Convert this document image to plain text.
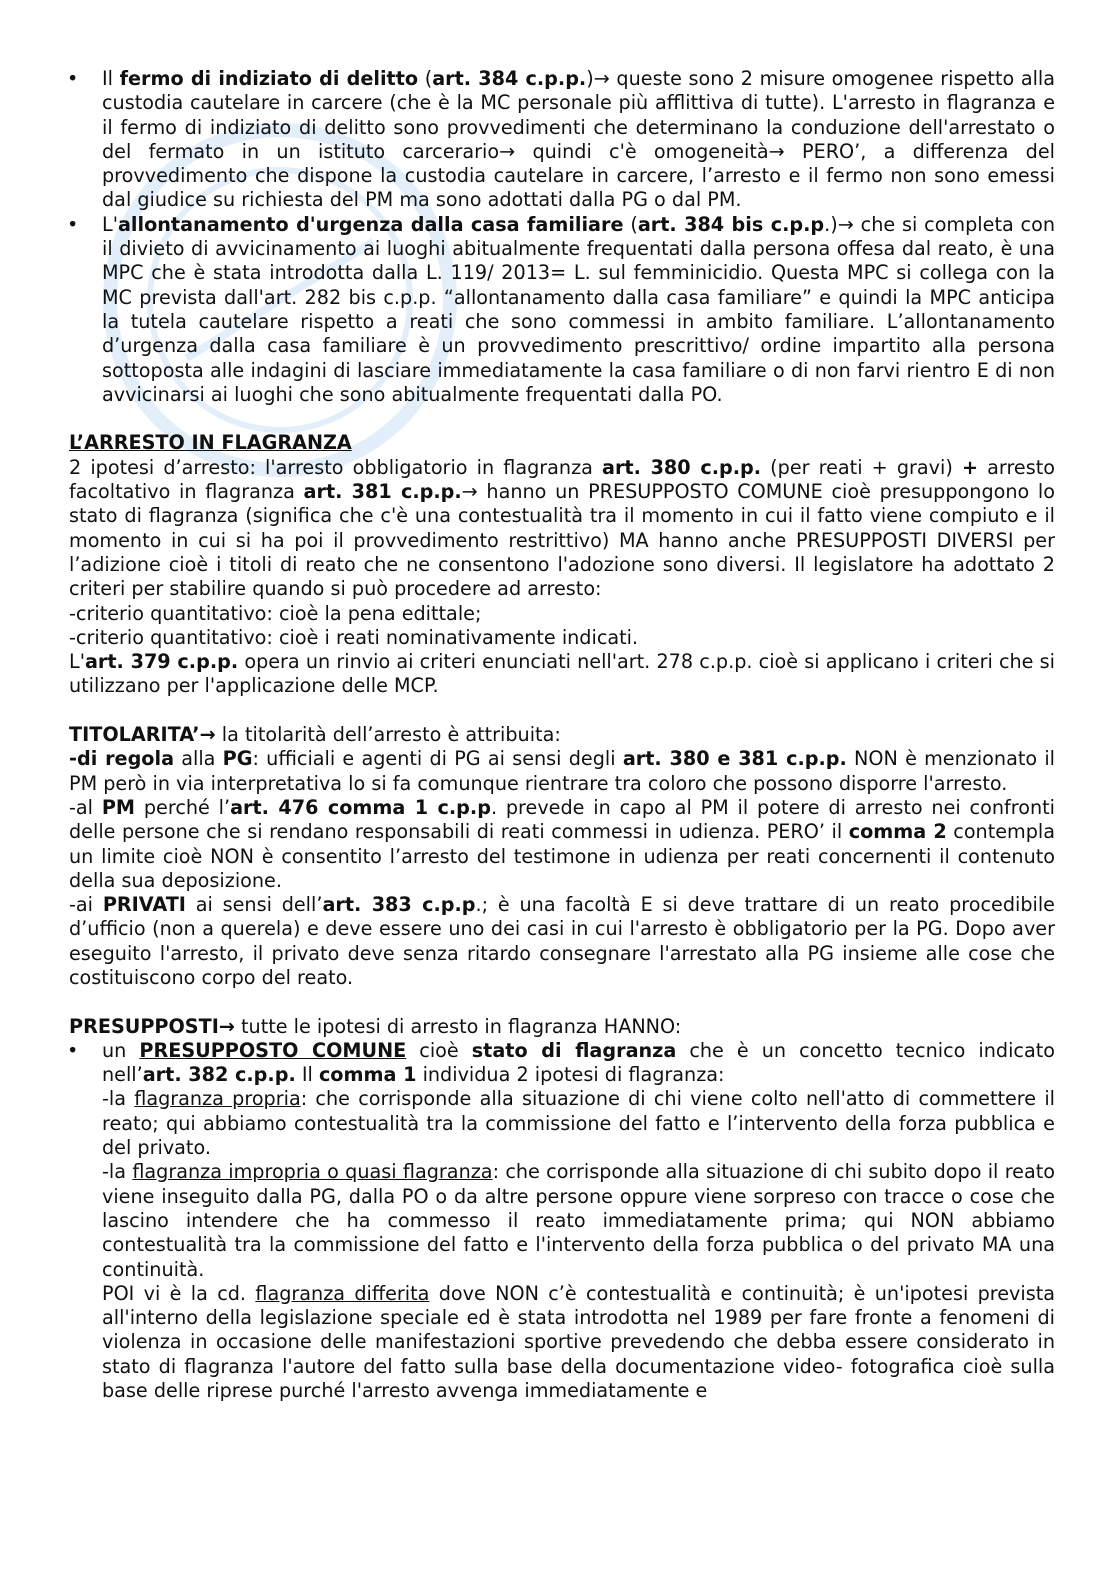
• Il fermo di indiziato di delitto (art. 384 c.p.p.)→ queste sono 2 misure omogenee rispetto alla custodia cautelare in carcere (che è la MC personale più afflittiva di tutte). L'arresto in flagranza e il fermo di indiziato di delitto sono provvedimenti che determinano la conduzione dell'arrestato o del fermato in un istituto carcerario→ quindi c'è omogeneità→ PERO’, a differenza del provvedimento che dispone la custodia cautelare in carcere, l’arresto e il fermo non sono emessi dal giudice su richiesta del PM ma sono adottati dalla PG o dal PM.
• L'allontanamento d'urgenza dalla casa familiare (art. 384 bis c.p.p.)→ che si completa con il divieto di avvicinamento ai luoghi abitualmente frequentati dalla persona offesa dal reato, è una MPC che è stata introdotta dalla L. 119/ 2013= L. sul femminicidio. Questa MPC si collega con la MC prevista dall'art. 282 bis c.p.p. “allontanamento dalla casa familiare” e quindi la MPC anticipa la tutela cautelare rispetto a reati che sono commessi in ambito familiare. L’allontanamento d’urgenza dalla casa familiare è un provvedimento prescrittivo/ ordine impartito alla persona sottoposta alle indagini di lasciare immediatamente la casa familiare o di non farvi rientro E di non avvicinarsi ai luoghi che sono abitualmente frequentati dalla PO.
L’ARRESTO IN FLAGRANZA
2 ipotesi d’arresto: l'arresto obbligatorio in flagranza art. 380 c.p.p. (per reati + gravi) + arresto facoltativo in flagranza art. 381 c.p.p.→ hanno un PRESUPPOSTO COMUNE cioè presuppongono lo stato di flagranza (significa che c'è una contestualità tra il momento in cui il fatto viene compiuto e il momento in cui si ha poi il provvedimento restrittivo) MA hanno anche PRESUPPOSTI DIVERSI per l’adizione cioè i titoli di reato che ne consentono l'adozione sono diversi. Il legislatore ha adottato 2 criteri per stabilire quando si può procedere ad arresto:
-criterio quantitativo: cioè la pena edittale;
-criterio quantitativo: cioè i reati nominativamente indicati.
L'art. 379 c.p.p. opera un rinvio ai criteri enunciati nell'art. 278 c.p.p. cioè si applicano i criteri che si utilizzano per l'applicazione delle MCP.
TITOLARITA’→ la titolarità dell’arresto è attribuita:
-di regola alla PG: ufficiali e agenti di PG ai sensi degli art. 380 e 381 c.p.p. NON è menzionato il PM però in via interpretativa lo si fa comunque rientrare tra coloro che possono disporre l'arresto.
-al PM perché l’art. 476 comma 1 c.p.p. prevede in capo al PM il potere di arresto nei confronti delle persone che si rendano responsabili di reati commessi in udienza. PERO’ il comma 2 contempla un limite cioè NON è consentito l’arresto del testimone in udienza per reati concernenti il contenuto della sua deposizione.
-ai PRIVATI ai sensi dell’art. 383 c.p.p.; è una facoltà E si deve trattare di un reato procedibile d’ufficio (non a querela) e deve essere uno dei casi in cui l'arresto è obbligatorio per la PG. Dopo aver eseguito l'arresto, il privato deve senza ritardo consegnare l'arrestato alla PG insieme alle cose che costituiscono corpo del reato.
PRESUPPOSTI→ tutte le ipotesi di arresto in flagranza HANNO:
• un PRESUPPOSTO COMUNE cioè stato di flagranza che è un concetto tecnico indicato nell’art. 382 c.p.p. Il comma 1 individua 2 ipotesi di flagranza:
-la flagranza propria: che corrisponde alla situazione di chi viene colto nell'atto di commettere il reato; qui abbiamo contestualità tra la commissione del fatto e l’intervento della forza pubblica e del privato.
-la flagranza impropria o quasi flagranza: che corrisponde alla situazione di chi subito dopo il reato viene inseguito dalla PG, dalla PO o da altre persone oppure viene sorpreso con tracce o cose che lascino intendere che ha commesso il reato immediatamente prima; qui NON abbiamo contestualità tra la commissione del fatto e l'intervento della forza pubblica o del privato MA una continuità.
POI vi è la cd. flagranza differita dove NON c’è contestualità e continuità; è un'ipotesi prevista all'interno della legislazione speciale ed è stata introdotta nel 1989 per fare fronte a fenomeni di violenza in occasione delle manifestazioni sportive prevedendo che debba essere considerato in stato di flagranza l'autore del fatto sulla base della documentazione video- fotografica cioè sulla base delle riprese purché l'arresto avvenga immediatamente e
